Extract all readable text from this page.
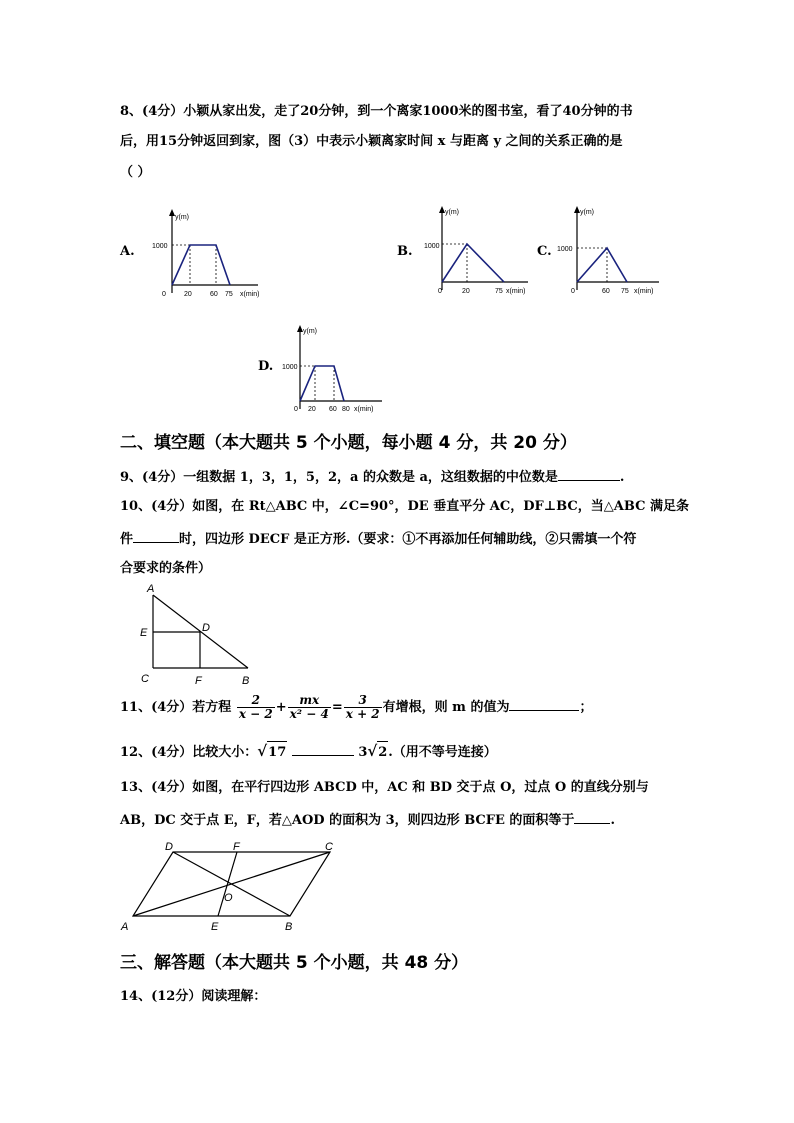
8、(4分）小颖从家出发，走了20分钟，到一个离家1000米的图书室，看了40分钟的书
后，用15分钟返回到家，图（3）中表示小颖离家时间 x 与距离 y 之间的关系正确的是
（ ）
A.
y(m)
1000
0	20	60 75 x(min)
B.
y(m)
1000
0	20	75 x(min)
C.
y(m)
1000
0	60 75 x(min)
D.
y(m)
1000
0 20 60 80 x(min)
二、填空题（本大题共 5 个小题，每小题 4 分，共 20 分）
9、(4分）一组数据 1，3，1，5，2，a 的众数是 a，这组数据的中位数是	.
10、(4分）如图，在 Rt△ABC 中，∠C=90°，DE 垂直平分 AC，DF⊥BC，当△ABC 满足条
件	时，四边形 DECF 是正方形.（要求：①不再添加任何辅助线，②只需填一个符
合要求的条件）
A
E	D
C	F	B
11、(4分）若方程 $\frac{2}{x - 2} + \frac{mx}{\text{x² − 4}} = \frac{3}{x + 2}$ 有增根，则 m 的值为	；
12、(4分）比较大小：√17	3√2.（用不等号连接）
13、(4分）如图，在平行四边形 ABCD 中，AC 和 BD 交于点 O，过点 O 的直线分别与
AB，DC 交于点 E，F，若△AOD 的面积为 3，则四边形 BCFE 的面积等于	.
A	B
C
D
E
F
O
三、解答题（本大题共 5 个小题，共 48 分）
14、(12分）阅读理解：
